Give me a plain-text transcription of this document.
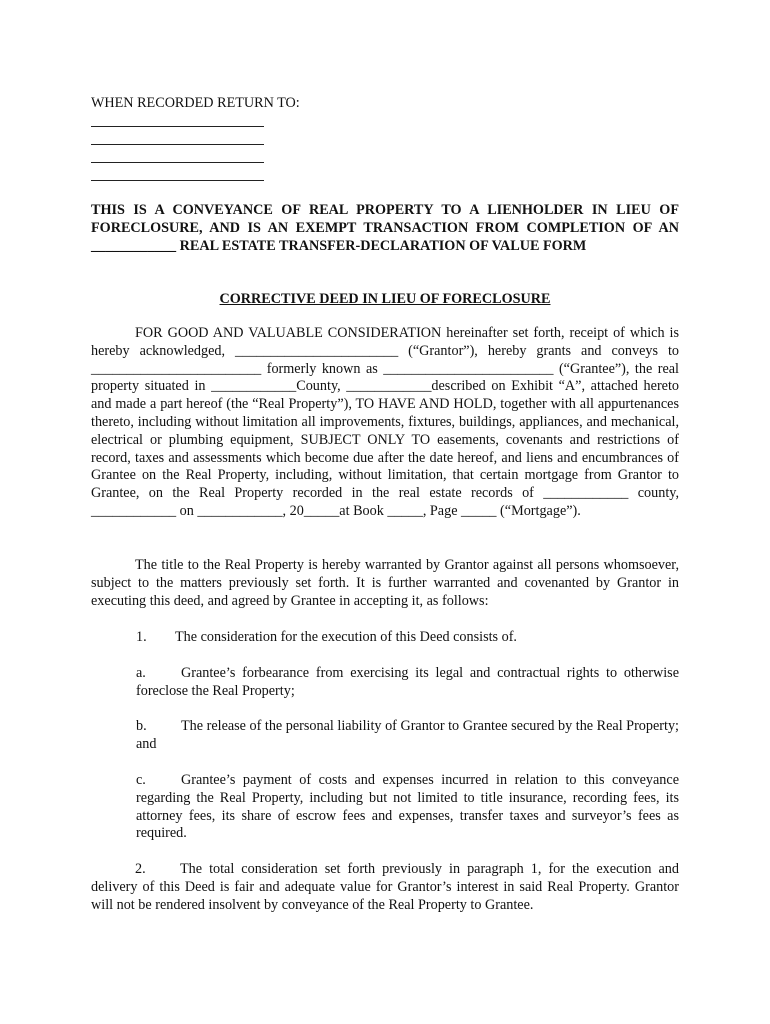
WHEN RECORDED RETURN TO:
THIS IS A CONVEYANCE OF REAL PROPERTY TO A LIENHOLDER IN LIEU OF FORECLOSURE, AND IS AN EXEMPT TRANSACTION FROM COMPLETION OF AN ____________ REAL ESTATE TRANSFER-DECLARATION OF VALUE FORM
CORRECTIVE DEED IN LIEU OF FORECLOSURE

FOR GOOD AND VALUABLE CONSIDERATION hereinafter set forth, receipt of which is hereby acknowledged, _______________________ (“Grantor”), hereby grants and conveys to ________________________ formerly known as ________________________ (“Grantee”), the real property situated in ____________County, ____________described on Exhibit “A”, attached hereto and made a part hereof (the “Real Property”), TO HAVE AND HOLD, together with all appurtenances thereto, including without limitation all improvements, fixtures, buildings, appliances, and mechanical, electrical or plumbing equipment, SUBJECT ONLY TO easements, covenants and restrictions of record, taxes and assessments which become due after the date hereof, and liens and encumbrances of Grantee on the Real Property, including, without limitation, that certain mortgage from Grantor to Grantee, on the Real Property recorded in the real estate records of ____________ county, ____________ on ____________, 20_____at Book _____, Page _____ (“Mortgage”).

The title to the Real Property is hereby warranted by Grantor against all persons whomsoever, subject to the matters previously set forth. It is further warranted and covenanted by Grantor in executing this deed, and agreed by Grantee in accepting it, as follows:

1. The consideration for the execution of this Deed consists of.

a. Grantee’s forbearance from exercising its legal and contractual rights to otherwise foreclose the Real Property;

b. The release of the personal liability of Grantor to Grantee secured by the Real Property; and

c. Grantee’s payment of costs and expenses incurred in relation to this conveyance regarding the Real Property, including but not limited to title insurance, recording fees, its attorney fees, its share of escrow fees and expenses, transfer taxes and surveyor’s fees as required.

2. The total consideration set forth previously in paragraph 1, for the execution and delivery of this Deed is fair and adequate value for Grantor’s interest in said Real Property. Grantor will not be rendered insolvent by conveyance of the Real Property to Grantee.
